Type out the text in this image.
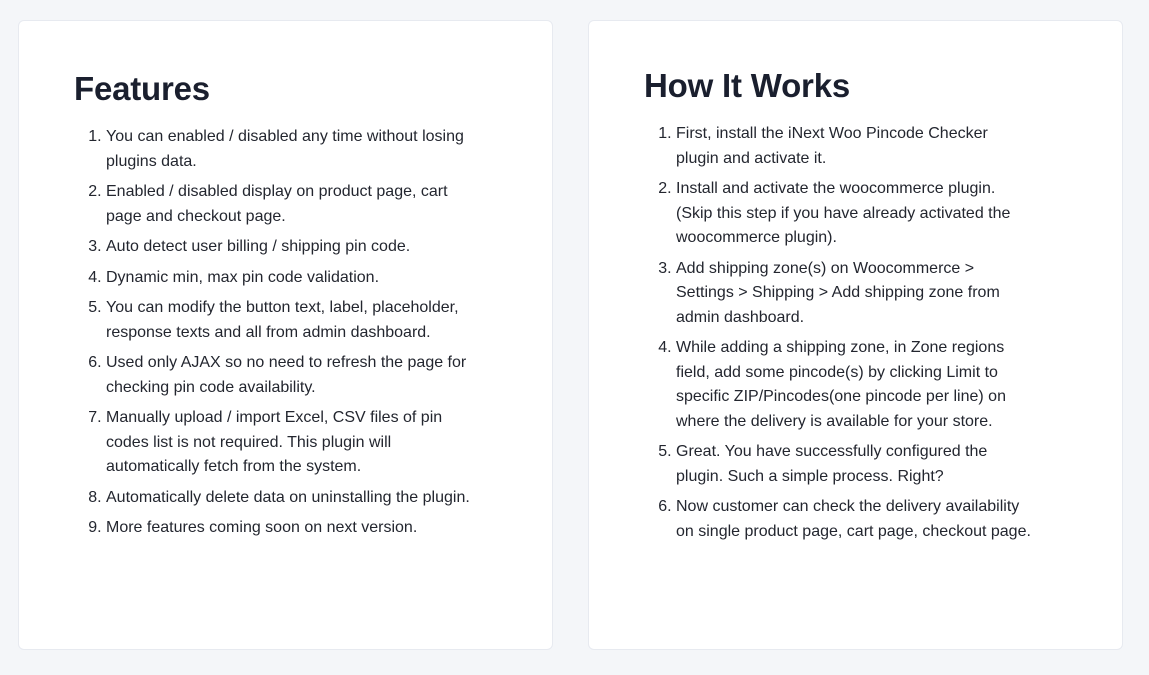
Features
1. You can enabled / disabled any time without losing plugins data.
2. Enabled / disabled display on product page, cart page and checkout page.
3. Auto detect user billing / shipping pin code.
4. Dynamic min, max pin code validation.
5. You can modify the button text, label, placeholder, response texts and all from admin dashboard.
6. Used only AJAX so no need to refresh the page for checking pin code availability.
7. Manually upload / import Excel, CSV files of pin codes list is not required. This plugin will automatically fetch from the system.
8. Automatically delete data on uninstalling the plugin.
9. More features coming soon on next version.
How It Works
1. First, install the iNext Woo Pincode Checker plugin and activate it.
2. Install and activate the woocommerce plugin. (Skip this step if you have already activated the woocommerce plugin).
3. Add shipping zone(s) on Woocommerce > Settings > Shipping > Add shipping zone from admin dashboard.
4. While adding a shipping zone, in Zone regions field, add some pincode(s) by clicking Limit to specific ZIP/Pincodes(one pincode per line) on where the delivery is available for your store.
5. Great. You have successfully configured the plugin. Such a simple process. Right?
6. Now customer can check the delivery availability on single product page, cart page, checkout page.
